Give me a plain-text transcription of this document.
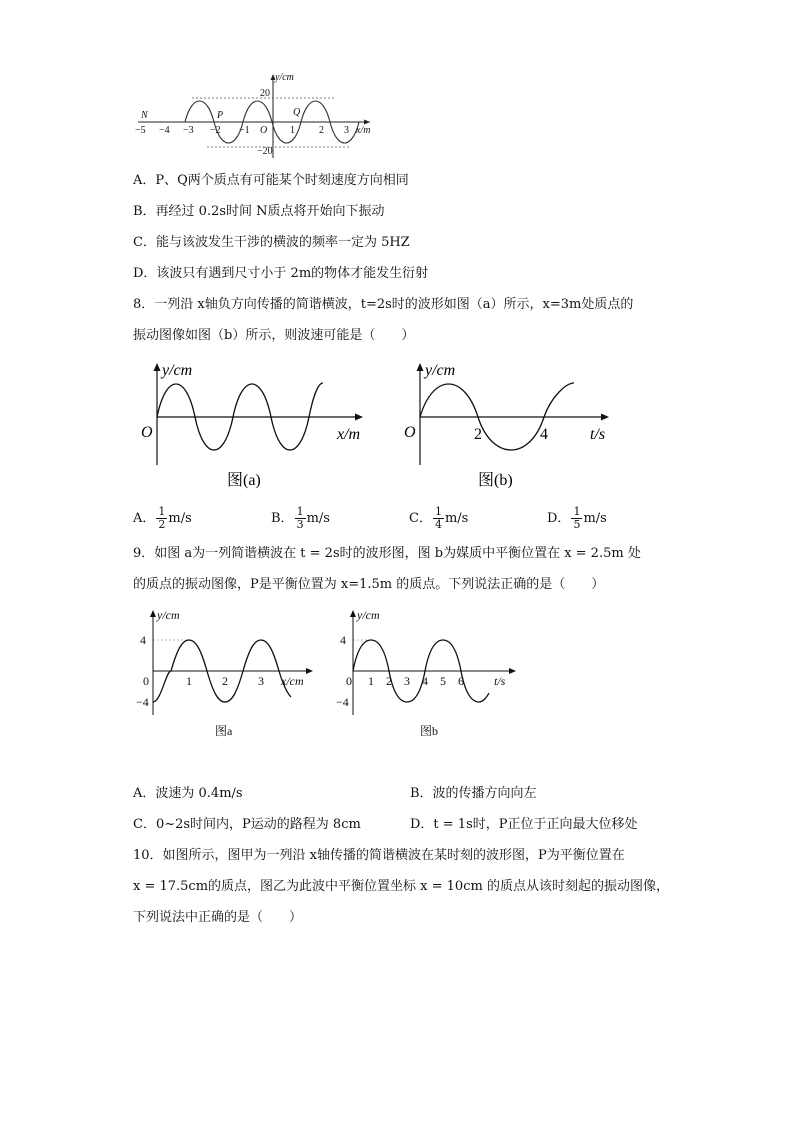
y/cm
20
−20
x/m
−5 −4 −3 −2 −1 O 1 2 3
N	P	Q
A．P、Q两个质点有可能某个时刻速度方向相同
B．再经过 0.2s时间 N质点将开始向下振动
C．能与该波发生干涉的横波的频率一定为 5HZ
D．该波只有遇到尺寸小于 2m的物体才能发生衍射
8．一列沿 x轴负方向传播的简谐横波，t=2s时的波形如图（a）所示，x=3m处质点的
振动图像如图（b）所示，则波速可能是（　　）
y/cm
O	x/m
图(a)
y/cm
O	2	4	t/s
图(b)
A． $\frac{1}{2} m/s$	B． $\frac{1}{3} m/s$	C． $\frac{1}{4} m/s$	D． $\frac{1}{5} m/s$
9．如图 a为一列简谐横波在 t = 2s时的波形图，图 b为媒质中平衡位置在 x = 2.5m 处
的质点的振动图像，P是平衡位置为 x=1.5m 的质点。下列说法正确的是（　　）
y/cm
4
−4
0	1	2	3 x/cm
图a
y/cm
4
−4
0 1 2 3 4 5 6	t/s
图b
A．波速为 0.4m/s	B．波的传播方向向左
C．0~2s时间内，P运动的路程为 8cm	D．t = 1s时，P正位于正向最大位移处
10．如图所示，图甲为一列沿 x轴传播的简谐横波在某时刻的波形图，P为平衡位置在
x = 17.5cm的质点，图乙为此波中平衡位置坐标 x = 10cm 的质点从该时刻起的振动图像，
下列说法中正确的是（　　）
